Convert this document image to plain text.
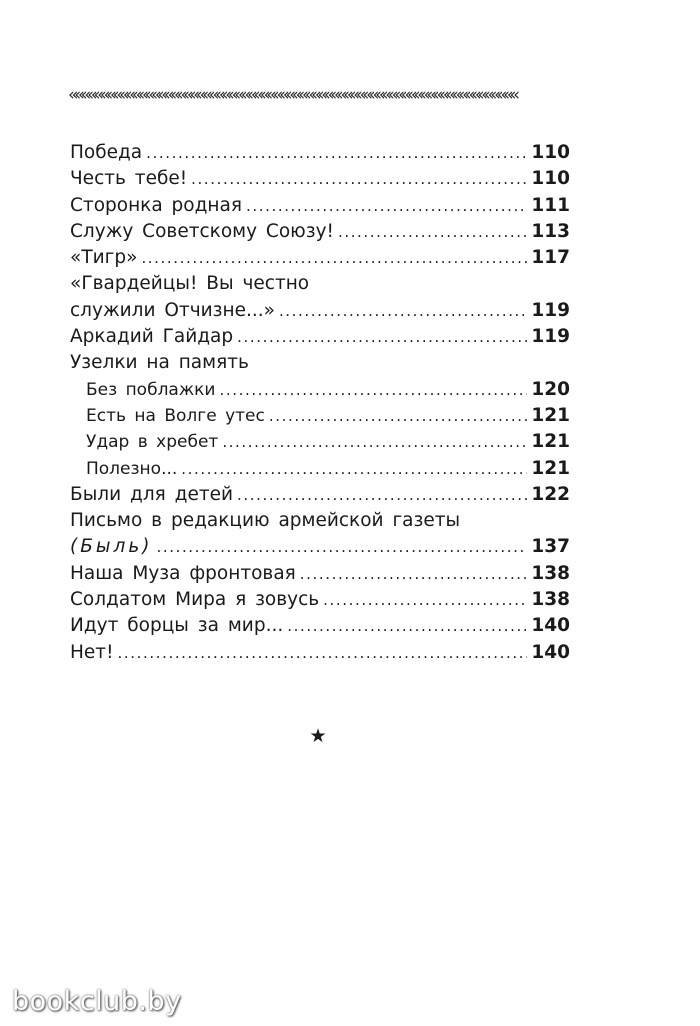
««««««««««««««««««««««««««««««««««««««««««««««««««««««««««««««««««««««
Победа .....	110
Честь тебе! .....	110
Сторонка родная .....	111
Служу Советскому Союзу! .....	113
«Тигр» .....	117
«Гвардейцы! Вы честно
служили Отчизне...» .....	119
Аркадий Гайдар .....	119
Узелки на память
Без поблажки .....	120
Есть на Волге утес .....	121
Удар в хребет .....	121
Полезно... .....	121
Были для детей .....	122
Письмо в редакцию армейской газеты
(Быль) .....	137
Наша Муза фронтовая .....	138
Солдатом Мира я зовусь .....	138
Идут борцы за мир... .....	140
Нет! .....	140
★
bookclub.by
